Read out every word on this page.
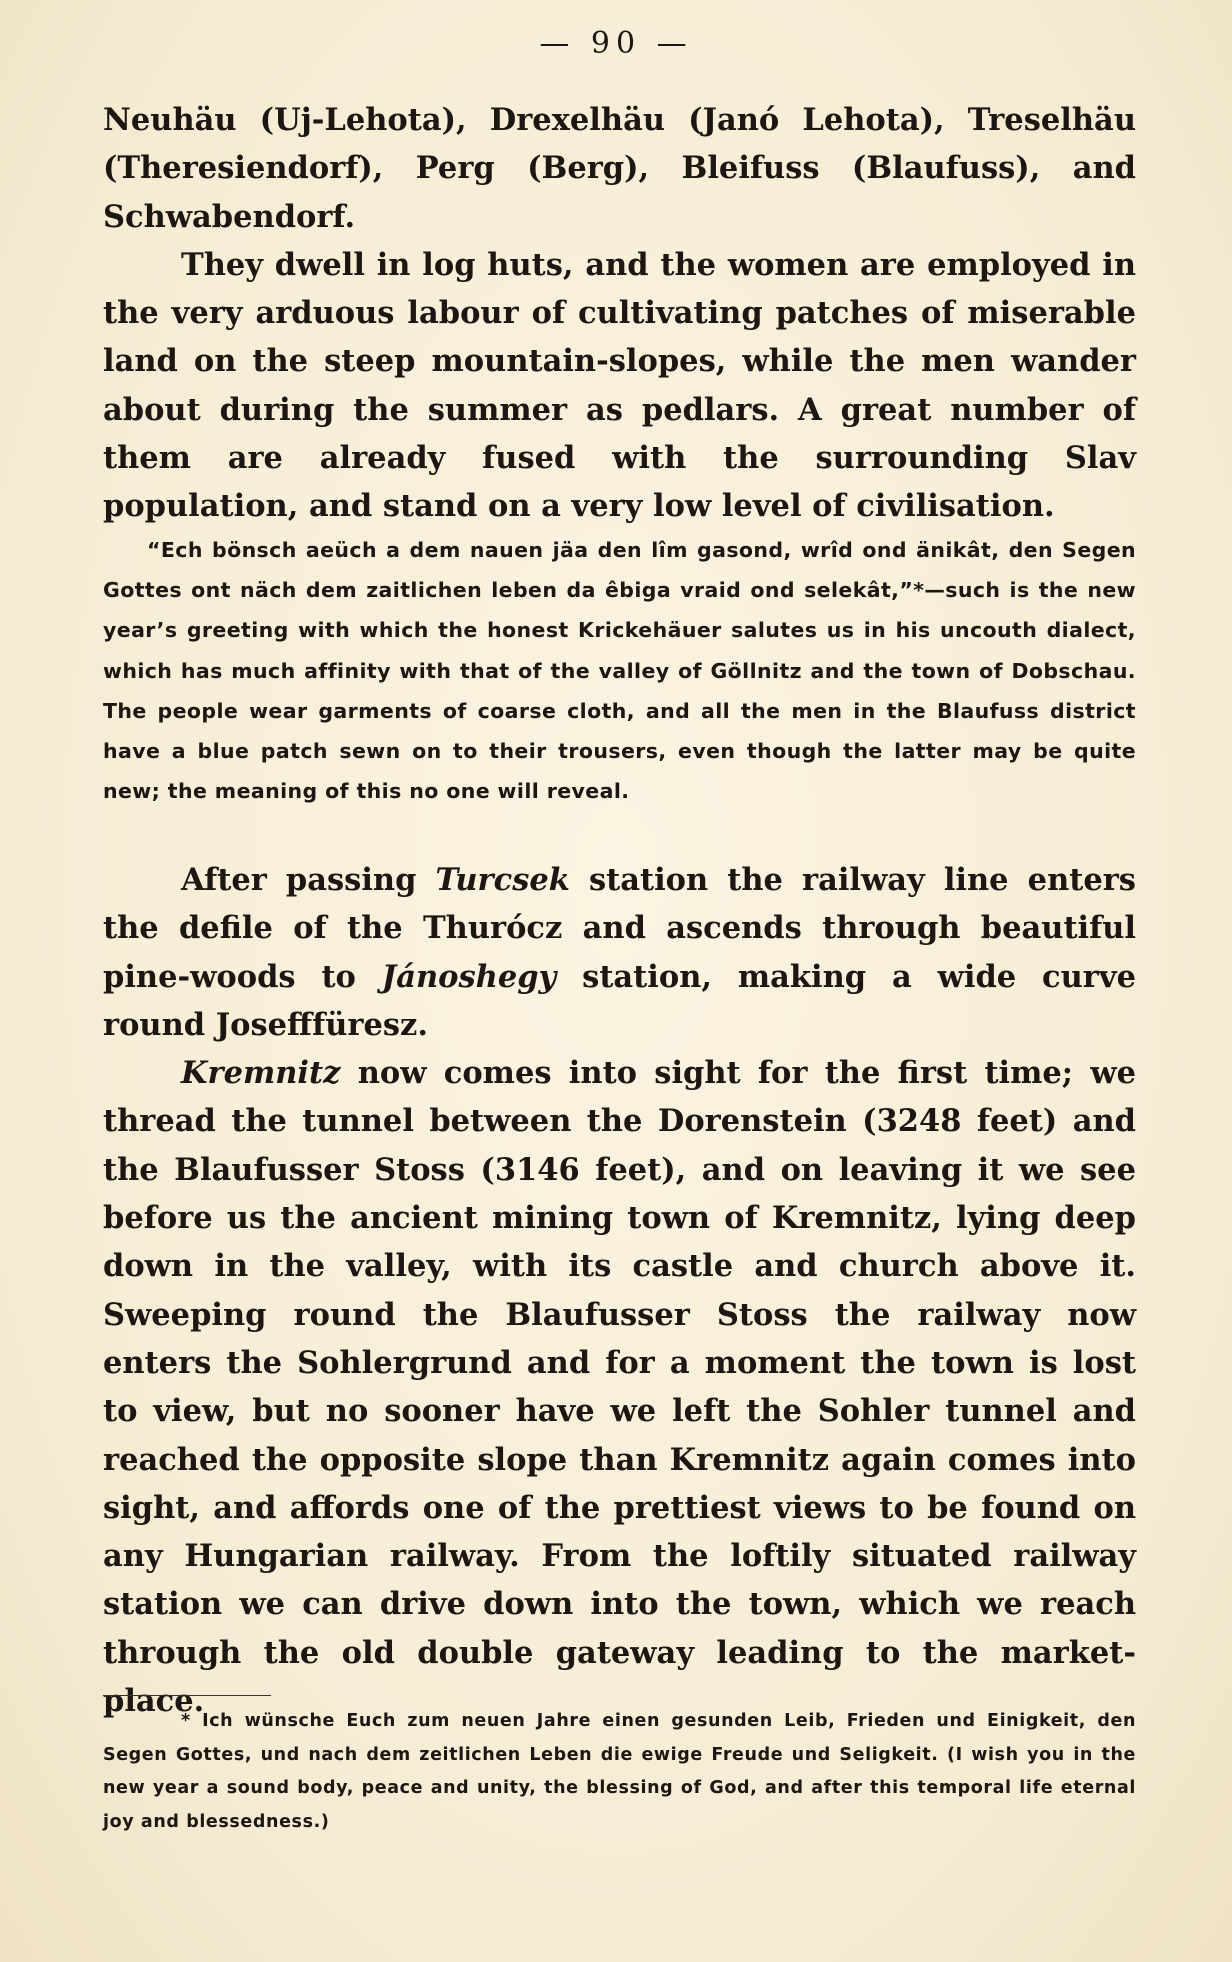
— 90 —

Neuhäu (Uj-Lehota), Drexelhäu (Janó Lehota), Treselhäu (Theresiendorf), Perg (Berg), Bleifuss (Blaufuss), and Schwabendorf.

They dwell in log huts, and the women are employed in the very arduous labour of cultivating patches of miserable land on the steep mountain-slopes, while the men wander about during the summer as pedlars. A great number of them are already fused with the surrounding Slav population, and stand on a very low level of civilisation.

“Ech bönsch aeüch a dem nauen jäa den lîm gasond, wrîd ond änikât, den Segen Gottes ont näch dem zaitlichen leben da êbiga vraid ond selekât,”*—such is the new year’s greeting with which the honest Krickehäuer salutes us in his uncouth dialect, which has much affinity with that of the valley of Göllnitz and the town of Dobschau. The people wear garments of coarse cloth, and all the men in the Blaufuss district have a blue patch sewn on to their trousers, even though the latter may be quite new; the meaning of this no one will reveal.

After passing Turcsek station the railway line enters the defile of the Thurócz and ascends through beautiful pine-woods to Jánoshegy station, making a wide curve round Josefffüresz.

Kremnitz now comes into sight for the first time; we thread the tunnel between the Dorenstein (3248 feet) and the Blaufusser Stoss (3146 feet), and on leaving it we see before us the ancient mining town of Kremnitz, lying deep down in the valley, with its castle and church above it. Sweeping round the Blaufusser Stoss the railway now enters the Sohlergrund and for a moment the town is lost to view, but no sooner have we left the Sohler tunnel and reached the opposite slope than Kremnitz again comes into sight, and affords one of the prettiest views to be found on any Hungarian railway. From the loftily situated railway station we can drive down into the town, which we reach through the old double gateway leading to the market-place.

* Ich wünsche Euch zum neuen Jahre einen gesunden Leib, Frieden und Einigkeit, den Segen Gottes, und nach dem zeitlichen Leben die ewige Freude und Seligkeit. (I wish you in the new year a sound body, peace and unity, the blessing of God, and after this temporal life eternal joy and blessedness.)
